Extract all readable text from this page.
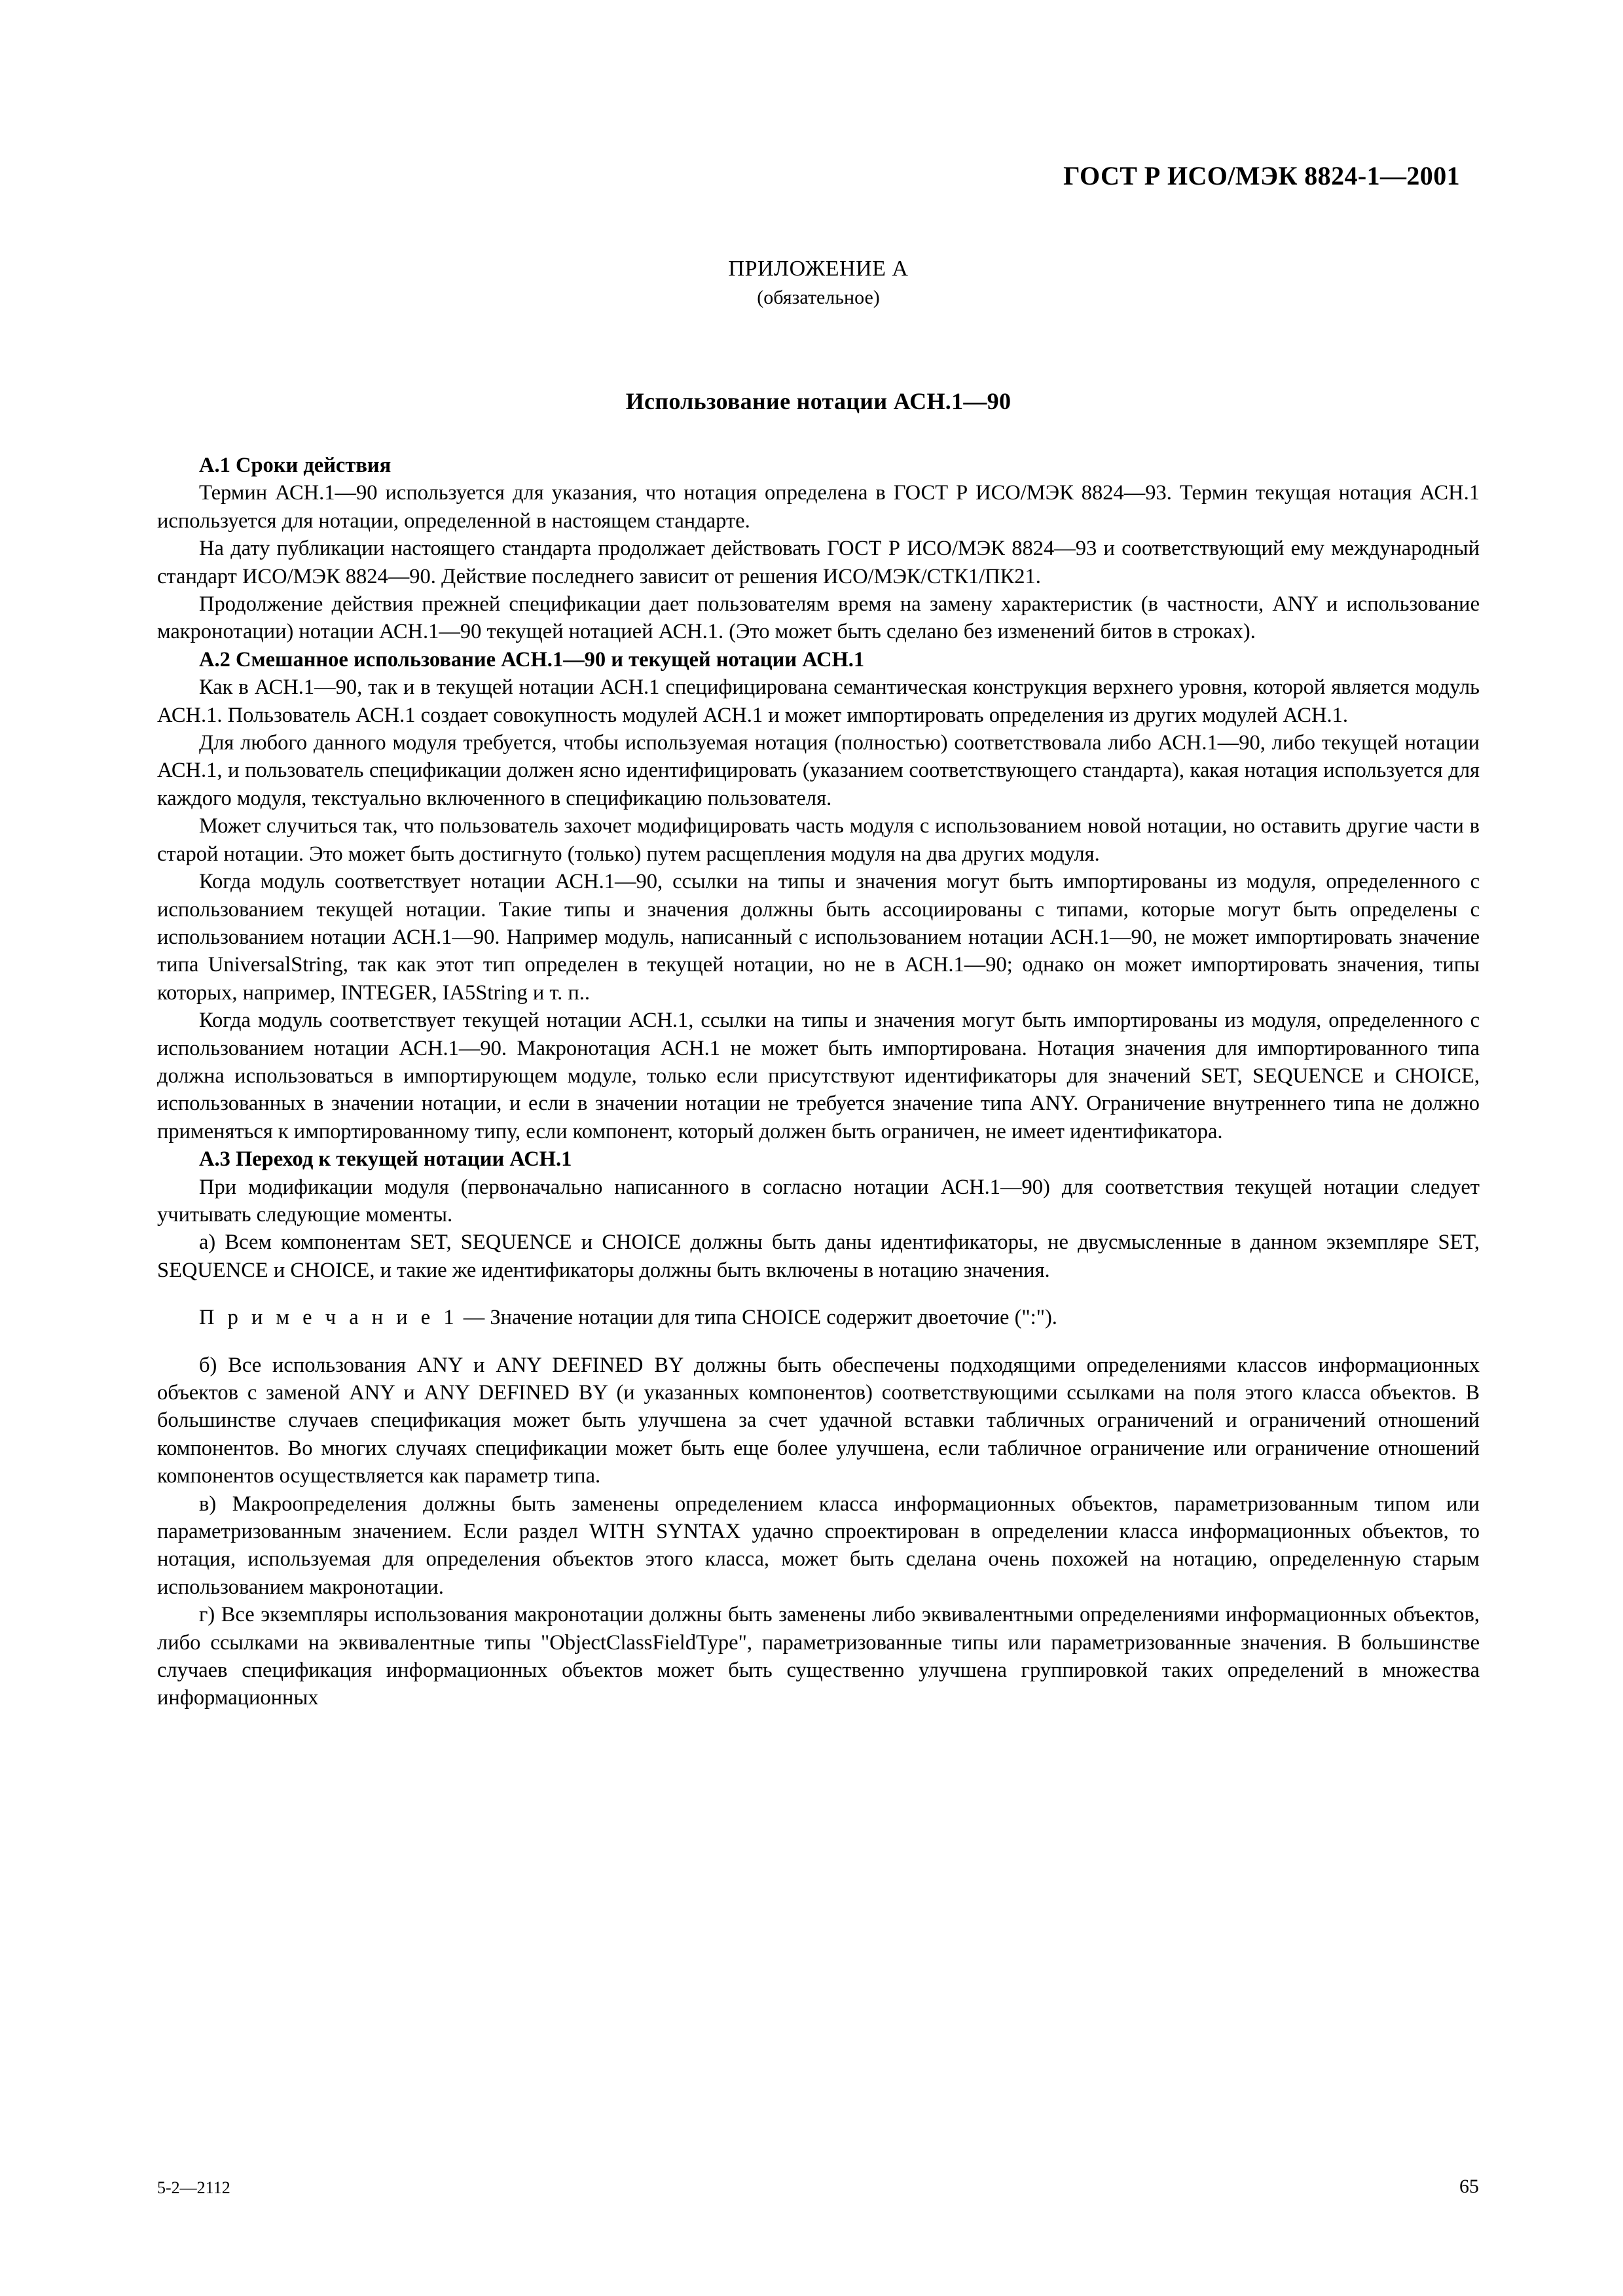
ГОСТ Р ИСО/МЭК 8824-1—2001
ПРИЛОЖЕНИЕ А
(обязательное)
Использование нотации АСН.1—90

А.1 Сроки действия

Термин АСН.1—90 используется для указания, что нотация определена в ГОСТ Р ИСО/МЭК 8824—93. Термин текущая нотация АСН.1 используется для нотации, определенной в настоящем стандарте.

На дату публикации настоящего стандарта продолжает действовать ГОСТ Р ИСО/МЭК 8824—93 и соответствующий ему международный стандарт ИСО/МЭК 8824—90. Действие последнего зависит от решения ИСО/МЭК/СТК1/ПК21.

Продолжение действия прежней спецификации дает пользователям время на замену характеристик (в частности, ANY и использование макронотации) нотации АСН.1—90 текущей нотацией АСН.1. (Это может быть сделано без изменений битов в строках).

А.2 Смешанное использование АСН.1—90 и текущей нотации АСН.1

Как в АСН.1—90, так и в текущей нотации АСН.1 специфицирована семантическая конструкция верхнего уровня, которой является модуль АСН.1. Пользователь АСН.1 создает совокупность модулей АСН.1 и может импортировать определения из других модулей АСН.1.

Для любого данного модуля требуется, чтобы используемая нотация (полностью) соответствовала либо АСН.1—90, либо текущей нотации АСН.1, и пользователь спецификации должен ясно идентифицировать (указанием соответствующего стандарта), какая нотация используется для каждого модуля, текстуально включенного в спецификацию пользователя.

Может случиться так, что пользователь захочет модифицировать часть модуля с использованием новой нотации, но оставить другие части в старой нотации. Это может быть достигнуто (только) путем расщепления модуля на два других модуля.

Когда модуль соответствует нотации АСН.1—90, ссылки на типы и значения могут быть импортированы из модуля, определенного с использованием текущей нотации. Такие типы и значения должны быть ассоциированы с типами, которые могут быть определены с использованием нотации АСН.1—90. Например модуль, написанный с использованием нотации АСН.1—90, не может импортировать значение типа UniversalString, так как этот тип определен в текущей нотации, но не в АСН.1—90; однако он может импортировать значения, типы которых, например, INTEGER, IA5String и т. п..

Когда модуль соответствует текущей нотации АСН.1, ссылки на типы и значения могут быть импортированы из модуля, определенного с использованием нотации АСН.1—90. Макронотация АСН.1 не может быть импортирована. Нотация значения для импортированного типа должна использоваться в импортирующем модуле, только если присутствуют идентификаторы для значений SET, SEQUENCE и CHOICE, использованных в значении нотации, и если в значении нотации не требуется значение типа ANY. Ограничение внутреннего типа не должно применяться к импортированному типу, если компонент, который должен быть ограничен, не имеет идентификатора.

А.3 Переход к текущей нотации АСН.1

При модификации модуля (первоначально написанного в согласно нотации АСН.1—90) для соответствия текущей нотации следует учитывать следующие моменты.

а) Всем компонентам SET, SEQUENCE и CHOICE должны быть даны идентификаторы, не двусмысленные в данном экземпляре SET, SEQUENCE и CHOICE, и такие же идентификаторы должны быть включены в нотацию значения.

П р и м е ч а н и е 1 — Значение нотации для типа CHOICE содержит двоеточие (":").

б) Все использования ANY и ANY DEFINED BY должны быть обеспечены подходящими определениями классов информационных объектов с заменой ANY и ANY DEFINED BY (и указанных компонентов) соответствующими ссылками на поля этого класса объектов. В большинстве случаев спецификация может быть улучшена за счет удачной вставки табличных ограничений и ограничений отношений компонентов. Во многих случаях спецификации может быть еще более улучшена, если табличное ограничение или ограничение отношений компонентов осуществляется как параметр типа.

в) Макроопределения должны быть заменены определением класса информационных объектов, параметризованным типом или параметризованным значением. Если раздел WITH SYNTAX удачно спроектирован в определении класса информационных объектов, то нотация, используемая для определения объектов этого класса, может быть сделана очень похожей на нотацию, определенную старым использованием макронотации.

г) Все экземпляры использования макронотации должны быть заменены либо эквивалентными определениями информационных объектов, либо ссылками на эквивалентные типы "ObjectClassFieldType", параметризованные типы или параметризованные значения. В большинстве случаев спецификация информационных объектов может быть существенно улучшена группировкой таких определений в множества информационных

5-2—2112	65
